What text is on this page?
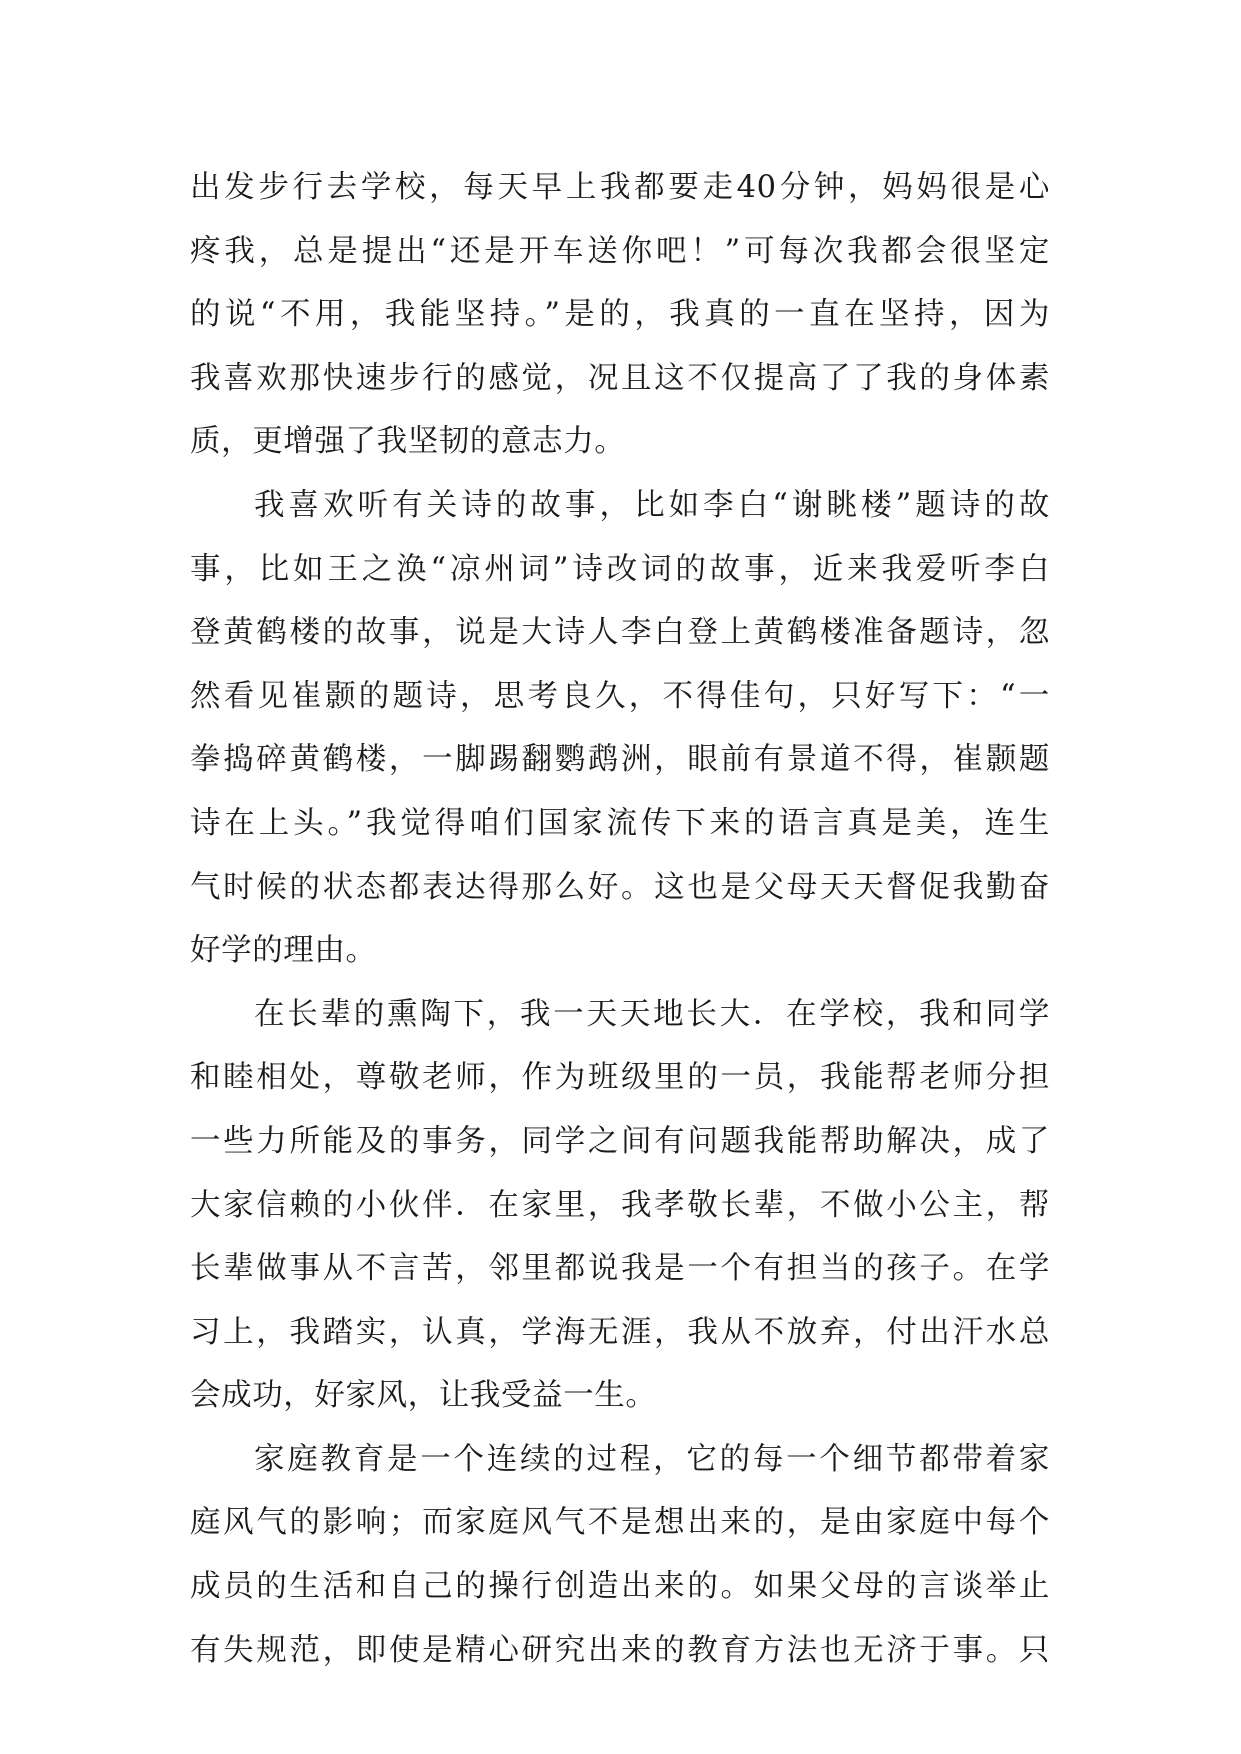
出发步行去学校，每天早上我都要走40分钟，妈妈很是心
疼我，总是提出“还是开车送你吧！”可每次我都会很坚定
的说“不用，我能坚持。”是的，我真的一直在坚持，因为
我喜欢那快速步行的感觉，况且这不仅提高了了我的身体素
质，更增强了我坚韧的意志力。
我喜欢听有关诗的故事，比如李白“谢眺楼”题诗的故
事，比如王之涣“凉州词”诗改词的故事，近来我爱听李白
登黄鹤楼的故事，说是大诗人李白登上黄鹤楼准备题诗，忽
然看见崔颢的题诗，思考良久，不得佳句，只好写下：“一
拳捣碎黄鹤楼，一脚踢翻鹦鹉洲，眼前有景道不得，崔颢题
诗在上头。”我觉得咱们国家流传下来的语言真是美，连生
气时候的状态都表达得那么好。这也是父母天天督促我勤奋
好学的理由。
在长辈的熏陶下，我一天天地长大．在学校，我和同学
和睦相处，尊敬老师，作为班级里的一员，我能帮老师分担
一些力所能及的事务，同学之间有问题我能帮助解决，成了
大家信赖的小伙伴．在家里，我孝敬长辈，不做小公主，帮
长辈做事从不言苦，邻里都说我是一个有担当的孩子。在学
习上，我踏实，认真，学海无涯，我从不放弃，付出汗水总
会成功，好家风，让我受益一生。
家庭教育是一个连续的过程，它的每一个细节都带着家
庭风气的影响；而家庭风气不是想出来的，是由家庭中每个
成员的生活和自己的操行创造出来的。如果父母的言谈举止
有失规范，即使是精心研究出来的教育方法也无济于事。只
